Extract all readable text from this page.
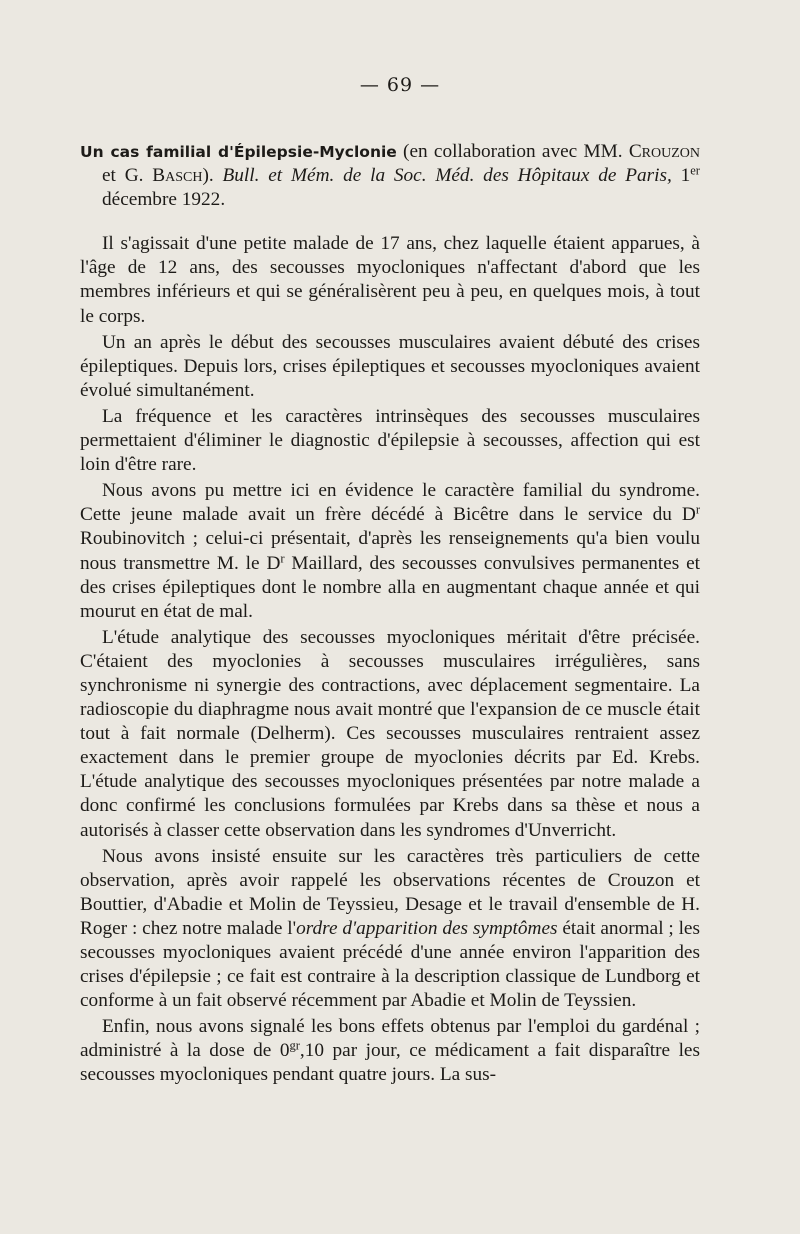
— 69 —

Un cas familial d'Épilepsie-Myclonie (en collaboration avec MM. Crouzon et G. Basch). Bull. et Mém. de la Soc. Méd. des Hôpitaux de Paris, 1er décembre 1922.

Il s'agissait d'une petite malade de 17 ans, chez laquelle étaient apparues, à l'âge de 12 ans, des secousses myocloniques n'affectant d'abord que les membres inférieurs et qui se généralisèrent peu à peu, en quelques mois, à tout le corps.

Un an après le début des secousses musculaires avaient débuté des crises épileptiques. Depuis lors, crises épileptiques et secousses myocloniques avaient évolué simultanément.

La fréquence et les caractères intrinsèques des secousses musculaires permettaient d'éliminer le diagnostic d'épilepsie à secousses, affection qui est loin d'être rare.

Nous avons pu mettre ici en évidence le caractère familial du syndrome. Cette jeune malade avait un frère décédé à Bicêtre dans le service du $D^r$ Roubinovitch ; celui-ci présentait, d'après les renseignements qu'a bien voulu nous transmettre M. le $D^r$ Maillard, des secousses convulsives permanentes et des crises épileptiques dont le nombre alla en augmentant chaque année et qui mourut en état de mal.

L'étude analytique des secousses myocloniques méritait d'être précisée. C'étaient des myoclonies à secousses musculaires irrégulières, sans synchronisme ni synergie des contractions, avec déplacement segmentaire. La radioscopie du diaphragme nous avait montré que l'expansion de ce muscle était tout à fait normale (Delherm). Ces secousses musculaires rentraient assez exactement dans le premier groupe de myoclonies décrits par Ed. Krebs. L'étude analytique des secousses myocloniques présentées par notre malade a donc confirmé les conclusions formulées par Krebs dans sa thèse et nous a autorisés à classer cette observation dans les syndromes d'Unverricht.

Nous avons insisté ensuite sur les caractères très particuliers de cette observation, après avoir rappelé les observations récentes de Crouzon et Bouttier, d'Abadie et Molin de Teyssieu, Desage et le travail d'ensemble de H. Roger : chez notre malade l'ordre d'apparition des symptômes était anormal ; les secousses myocloniques avaient précédé d'une année environ l'apparition des crises d'épilepsie ; ce fait est contraire à la description classique de Lundborg et conforme à un fait observé récemment par Abadie et Molin de Teyssien.

Enfin, nous avons signalé les bons effets obtenus par l'emploi du gardénal ; administré à la dose de $0^{gr},10$ par jour, ce médicament a fait disparaître les secousses myocloniques pendant quatre jours. La sus-
